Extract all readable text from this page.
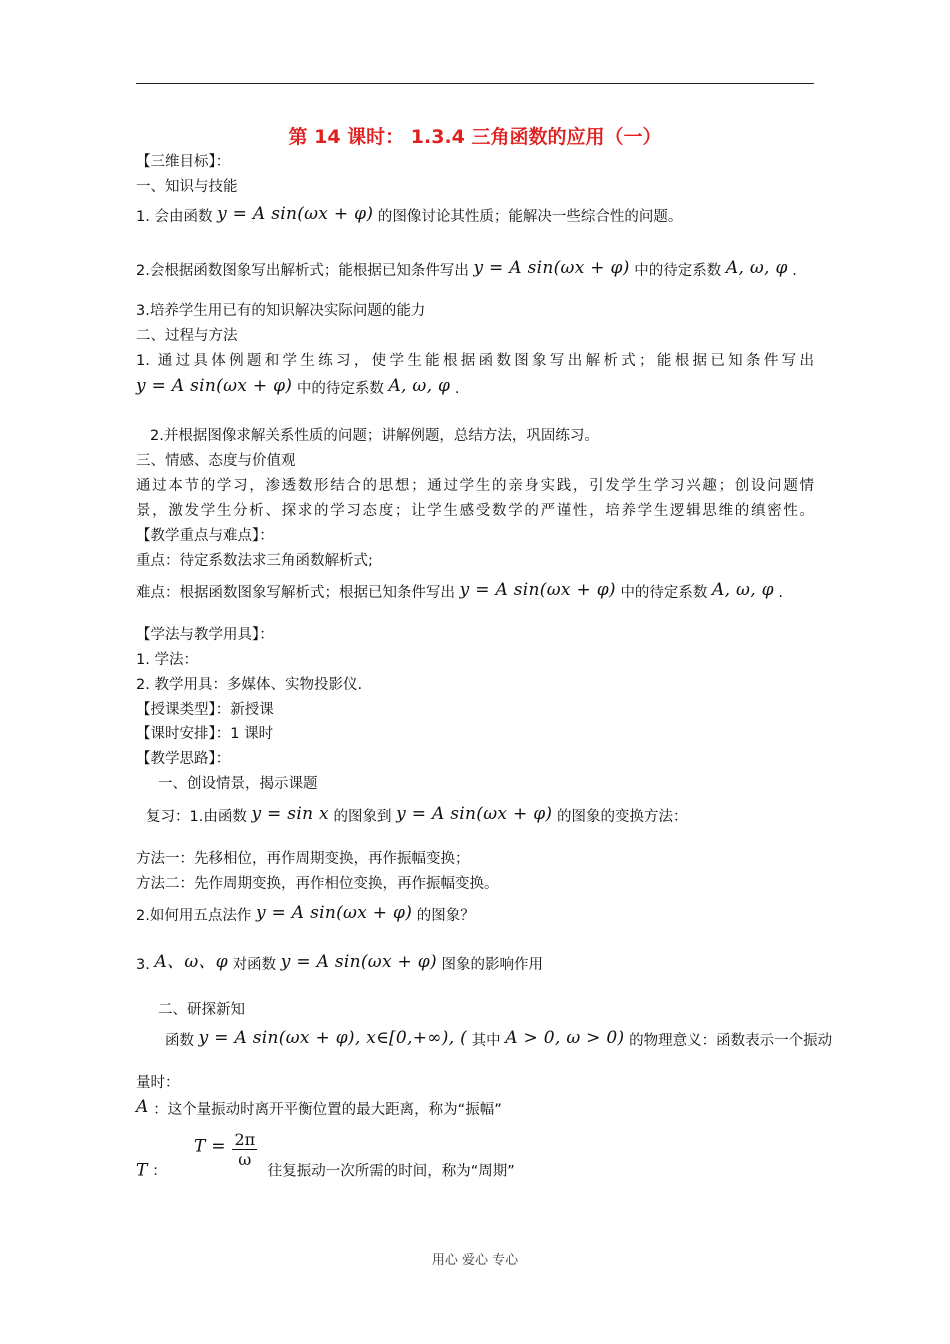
第 14 课时： 1.3.4 三角函数的应用（一）
【三维目标】：
一、知识与技能
1. 会由函数 y = A sin(ωx + φ) 的图像讨论其性质；能解决一些综合性的问题。
2.会根据函数图象写出解析式；能根据已知条件写出 y = A sin(ωx + φ) 中的待定系数 A, ω, φ .
3.培养学生用已有的知识解决实际问题的能力
二、过程与方法
1. 通过具体例题和学生练习，使学生能根据函数图象写出解析式；能根据已知条件写出
y = A sin(ωx + φ) 中的待定系数 A, ω, φ .
2.并根据图像求解关系性质的问题；讲解例题，总结方法，巩固练习。
三、情感、态度与价值观
通过本节的学习，渗透数形结合的思想；通过学生的亲身实践，引发学生学习兴趣；创设问题情
景，激发学生分析、探求的学习态度；让学生感受数学的严谨性，培养学生逻辑思维的缜密性。
【教学重点与难点】：
重点：待定系数法求三角函数解析式;
难点：根据函数图象写解析式；根据已知条件写出 y = A sin(ωx + φ) 中的待定系数 A, ω, φ .
【学法与教学用具】：
1. 学法：
2. 教学用具：多媒体、实物投影仪.
【授课类型】：新授课
【课时安排】：1 课时
【教学思路】：
一、创设情景，揭示课题
复习：1.由函数 y = sin x 的图象到 y = A sin(ωx + φ) 的图象的变换方法：
方法一：先移相位，再作周期变换，再作振幅变换；
方法二：先作周期变换，再作相位变换，再作振幅变换。
2.如何用五点法作 y = A sin(ωx + φ) 的图象？
3. A、ω、φ 对函数 y = A sin(ωx + φ) 图象的影响作用
二、研探新知
函数 y = A sin(ωx + φ), x∈[0,+∞), ( 其中 A > 0, ω > 0) 的物理意义：函数表示一个振动
量时：
A ：这个量振动时离开平衡位置的最大距离，称为“振幅”
T ：  $T = \frac{2\pi}{\omega}$
往复振动一次所需的时间，称为“周期”
用心 爱心 专心
